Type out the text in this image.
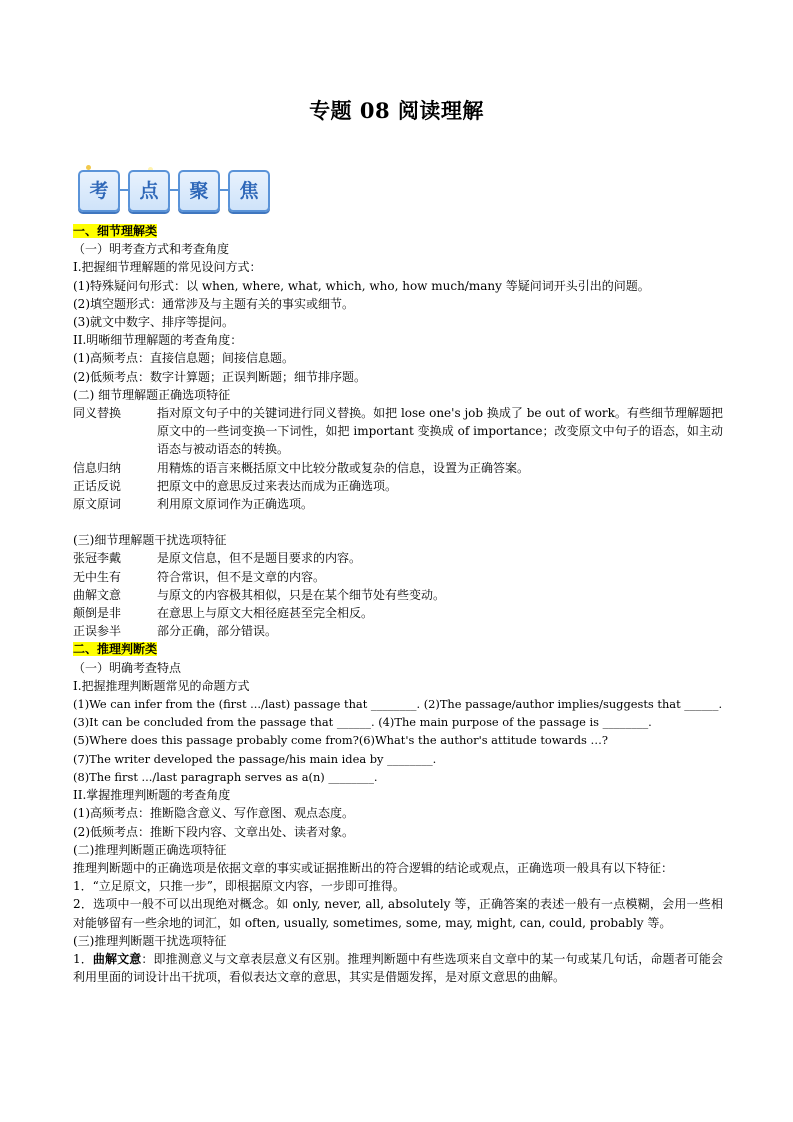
专题 08 阅读理解
考	点	聚	焦
一、细节理解类
（一）明考查方式和考查角度
I.把握细节理解题的常见设问方式：
(1)特殊疑问句形式：以 when, where, what, which, who, how much/many 等疑问词开头引出的问题。
(2)填空题形式：通常涉及与主题有关的事实或细节。
(3)就文中数字、排序等提问。
II.明晰细节理解题的考查角度：
(1)高频考点：直接信息题；间接信息题。
(2)低频考点：数字计算题；正误判断题；细节排序题。
(二) 细节理解题正确选项特征
同义替换	指对原文句子中的关键词进行同义替换。如把 lose one's job 换成了 be out of work。有些细节理解题把原文中的一些词变换一下词性，如把 important 变换成 of importance；改变原文中句子的语态，如主动语态与被动语态的转换。
信息归纳	用精炼的语言来概括原文中比较分散或复杂的信息，设置为正确答案。
正话反说	把原文中的意思反过来表达而成为正确选项。
原文原词	利用原文原词作为正确选项。
(三)细节理解题干扰选项特征
张冠李戴	是原文信息，但不是题目要求的内容。
无中生有	符合常识，但不是文章的内容。
曲解文意	与原文的内容极其相似，只是在某个细节处有些变动。
颠倒是非	在意思上与原文大相径庭甚至完全相反。
正误参半	部分正确，部分错误。
二、推理判断类
（一）明确考查特点
I.把握推理判断题常见的命题方式
(1)We can infer from the (first .../last) passage that ________. (2)The passage/author implies/suggests that ______.
(3)It can be concluded from the passage that ______. (4)The main purpose of the passage is ________.
(5)Where does this passage probably come from?(6)What's the author's attitude towards …?
(7)The writer developed the passage/his main idea by ________.
(8)The first .../last paragraph serves as a(n) ________.
II.掌握推理判断题的考查角度
(1)高频考点：推断隐含意义、写作意图、观点态度。
(2)低频考点：推断下段内容、文章出处、读者对象。
(二)推理判断题正确选项特征
推理判断题中的正确选项是依据文章的事实或证据推断出的符合逻辑的结论或观点，正确选项一般具有以下特征：
1．“立足原文，只推一步”，即根据原文内容，一步即可推得。
2．选项中一般不可以出现绝对概念。如 only, never, all, absolutely 等，正确答案的表述一般有一点模糊，会用一些相对能够留有一些余地的词汇，如 often, usually, sometimes, some, may, might, can, could, probably 等。
(三)推理判断题干扰选项特征
1．曲解文意：即推测意义与文章表层意义有区别。推理判断题中有些选项来自文章中的某一句或某几句话，命题者可能会利用里面的词设计出干扰项，看似表达文章的意思，其实是借题发挥，是对原文意思的曲解。
